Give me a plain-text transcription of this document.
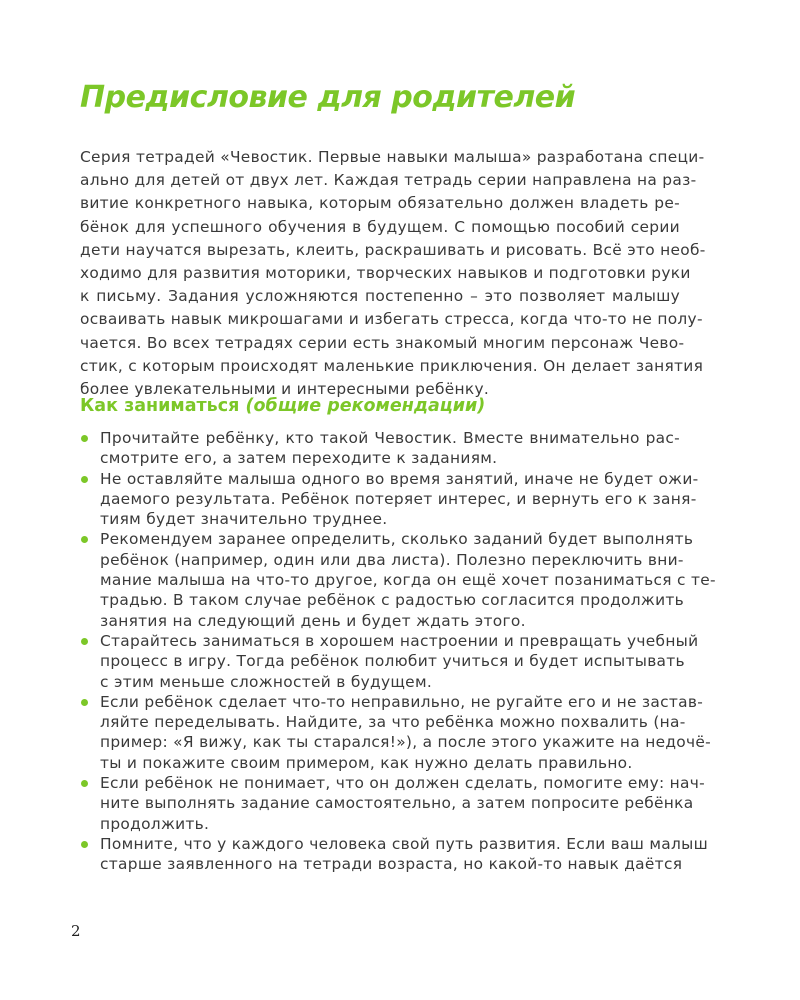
Предисловие для родителей
Серия тетрадей «Чевостик. Первые навыки малыша» разработана специ-
ально для детей от двух лет. Каждая тетрадь серии направлена на раз-
витие конкретного навыка, которым обязательно должен владеть ре-
бёнок для успешного обучения в будущем. С помощью пособий серии
дети научатся вырезать, клеить, раскрашивать и рисовать. Всё это необ-
ходимо для развития моторики, творческих навыков и подготовки руки
к письму. Задания усложняются постепенно – это позволяет малышу
осваивать навык микрошагами и избегать стресса, когда что-то не полу-
чается. Во всех тетрадях серии есть знакомый многим персонаж Чево-
стик, с которым происходят маленькие приключения. Он делает занятия
более увлекательными и интересными ребёнку.
Как заниматься (общие рекомендации)
Прочитайте ребёнку, кто такой Чевостик. Вместе внимательно рас-
смотрите его, а затем переходите к заданиям.
Не оставляйте малыша одного во время занятий, иначе не будет ожи-
даемого результата. Ребёнок потеряет интерес, и вернуть его к заня-
тиям будет значительно труднее.
Рекомендуем заранее определить, сколько заданий будет выполнять
ребёнок (например, один или два листа). Полезно переключить вни-
мание малыша на что-то другое, когда он ещё хочет позаниматься с те-
традью. В таком случае ребёнок с радостью согласится продолжить
занятия на следующий день и будет ждать этого.
Старайтесь заниматься в хорошем настроении и превращать учебный
процесс в игру. Тогда ребёнок полюбит учиться и будет испытывать
с этим меньше сложностей в будущем.
Если ребёнок сделает что-то неправильно, не ругайте его и не застав-
ляйте переделывать. Найдите, за что ребёнка можно похвалить (на-
пример: «Я вижу, как ты старался!»), а после этого укажите на недочё-
ты и покажите своим примером, как нужно делать правильно.
Если ребёнок не понимает, что он должен сделать, помогите ему: нач-
ните выполнять задание самостоятельно, а затем попросите ребёнка
продолжить.
Помните, что у каждого человека свой путь развития. Если ваш малыш
старше заявленного на тетради возраста, но какой-то навык даётся
2
